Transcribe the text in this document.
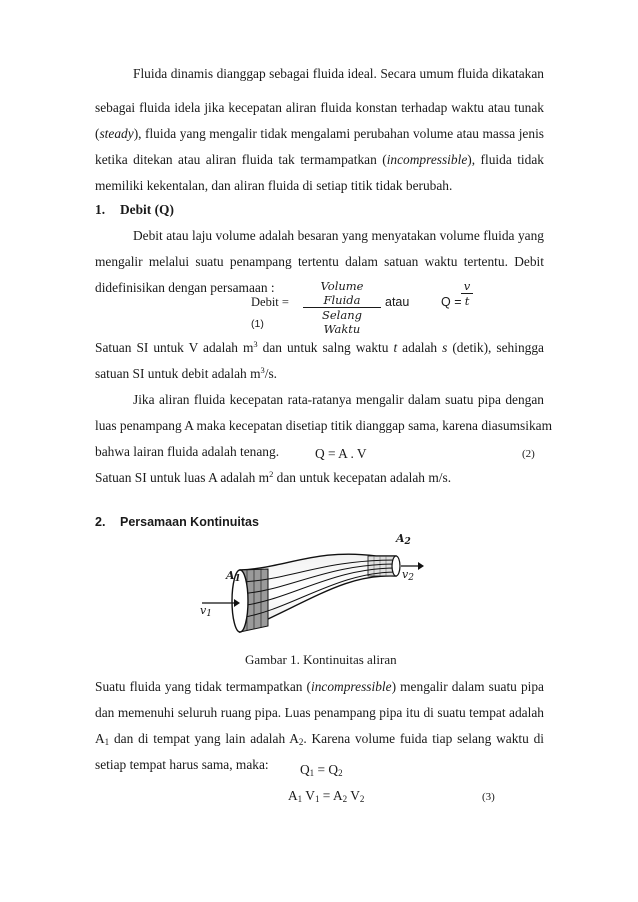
Fluida dinamis dianggap sebagai fluida ideal. Secara umum fluida dikatakan
sebagai fluida idela jika kecepatan aliran fluida konstan terhadap waktu atau tunak
(steady), fluida yang mengalir tidak mengalami perubahan volume atau massa jenis
ketika ditekan atau aliran fluida tak termampatkan (incompressible), fluida tidak
memiliki kekentalan, dan aliran fluida di setiap titik tidak berubah.
1. Debit (Q)
Debit atau laju volume adalah besaran yang menyatakan volume fluida yang
mengalir melalui suatu penampang tertentu dalam satuan waktu tertentu. Debit
didefinisikan dengan persamaan :
Debit =
Volume Fluida
Selang Waktu
atau	$Q = \frac{v}{t}$
(1)
Satuan SI untuk V adalah $m^3$ dan untuk salng waktu t adalah s (detik), sehingga
satuan SI untuk debit adalah $m^3/s$.
Jika aliran fluida kecepatan rata-ratanya mengalir dalam suatu pipa dengan
luas penampang A maka kecepatan disetiap titik dianggap sama, karena diasumsikam
bahwa lairan fluida adalah tenang.	Q = A . V	(2)
Satuan SI untuk luas A adalah $m^2$ dan untuk kecepatan adalah m/s.
2. Persamaan Kontinuitas
$A_1$
$A_2$
$v_1$
$v_2$
Gambar 1. Kontinuitas aliran
Suatu fluida yang tidak termampatkan (incompressible) mengalir dalam suatu pipa
dan memenuhi seluruh ruang pipa. Luas penampang pipa itu di suatu tempat adalah
$A_1$ dan di tempat yang lain adalah $A_2$. Karena volume fuida tiap selang waktu di
setiap tempat harus sama, maka:	$Q_1 = Q_2$
$A_1$ $V_1 = A_2$ $V_2$	(3)
